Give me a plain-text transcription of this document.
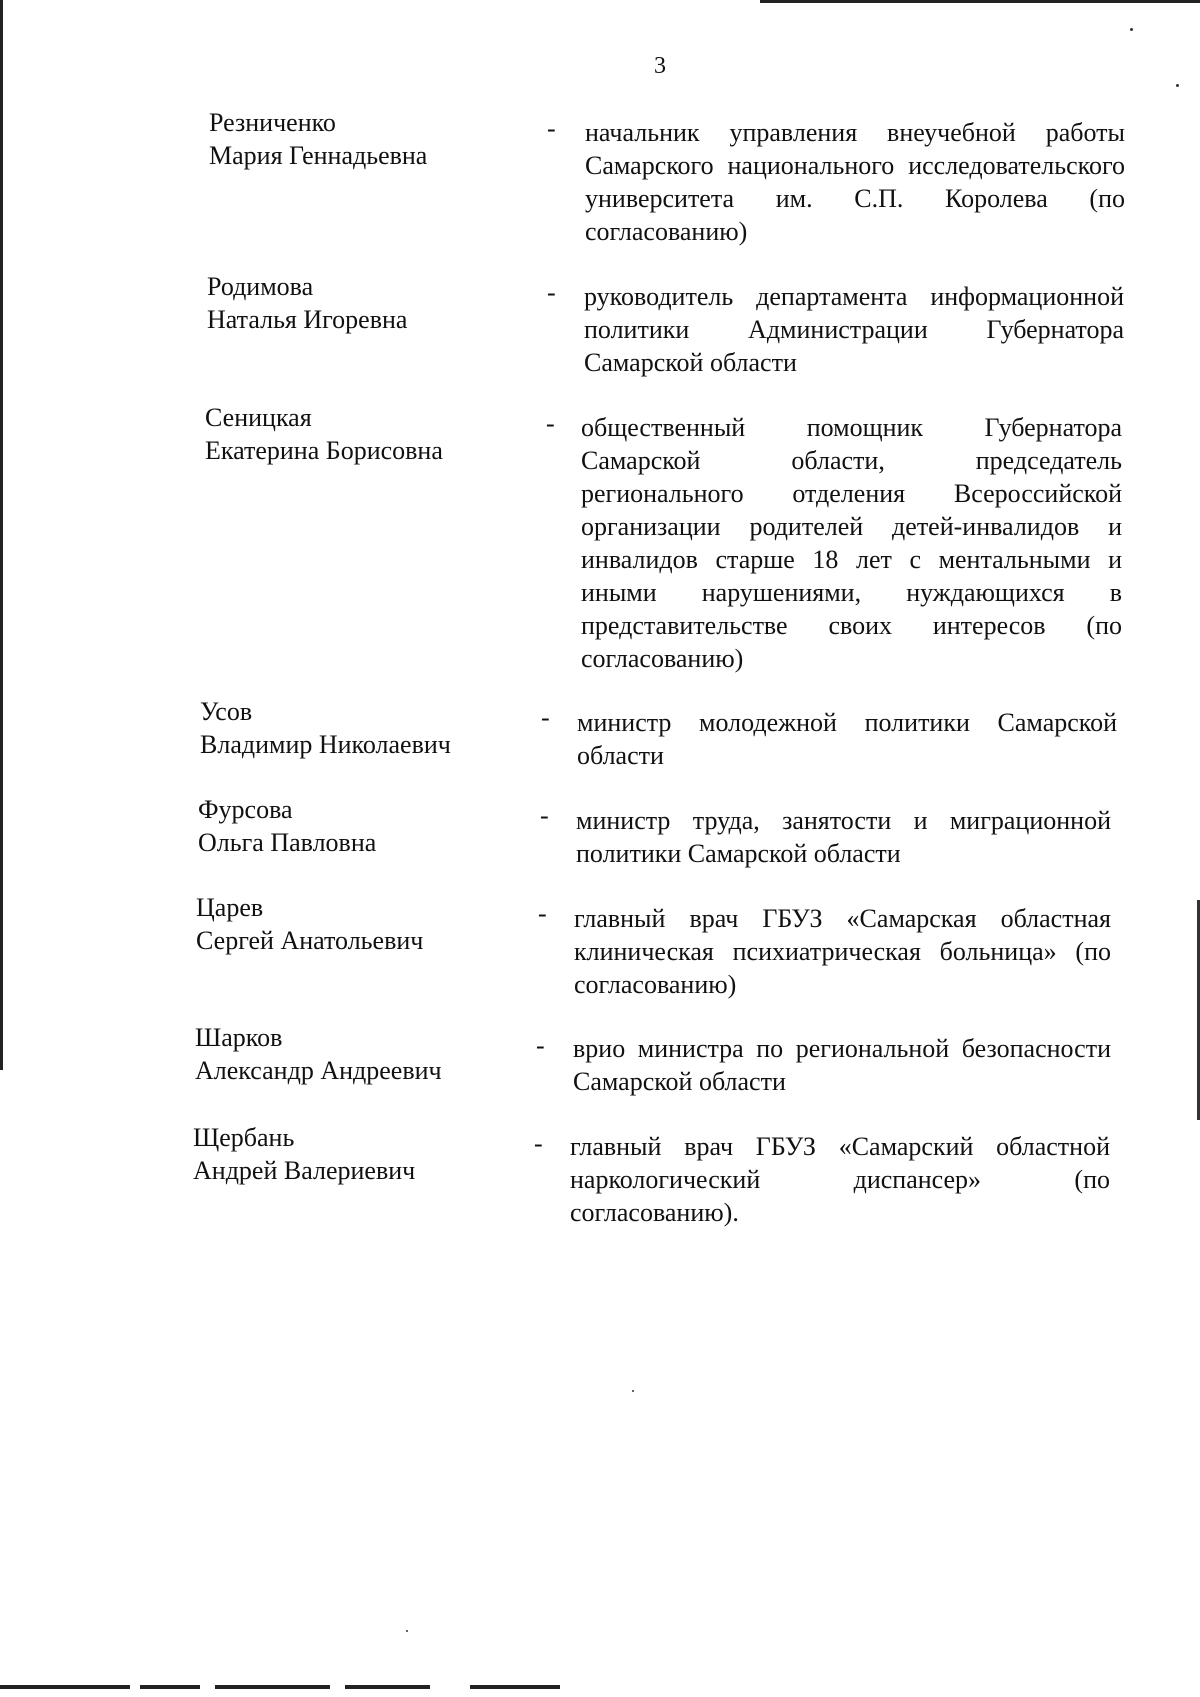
3
Резниченко
Мария Геннадьевна
- начальник управления внеучебной работы Самарского национального исследовательского университета им. С.П. Королева (по согласованию)
Родимова
Наталья Игоревна
- руководитель департамента информационной политики Администрации Губернатора Самарской области
Сеницкая
Екатерина Борисовна
- общественный помощник Губернатора Самарской области, председатель регионального отделения Всероссийской организации родителей детей-инвалидов и инвалидов старше 18 лет с ментальными и иными нарушениями, нуждающихся в представительстве своих интересов (по согласованию)
Усов
Владимир Николаевич
- министр молодежной политики Самарской области
Фурсова
Ольга Павловна
- министр труда, занятости и миграционной политики Самарской области
Царев
Сергей Анатольевич
- главный врач ГБУЗ «Самарская областная клиническая психиатрическая больница» (по согласованию)
Шарков
Александр Андреевич
- врио министра по региональной безопасности Самарской области
Щербань
Андрей Валериевич
- главный врач ГБУЗ «Самарский областной наркологический диспансер» (по согласованию).
